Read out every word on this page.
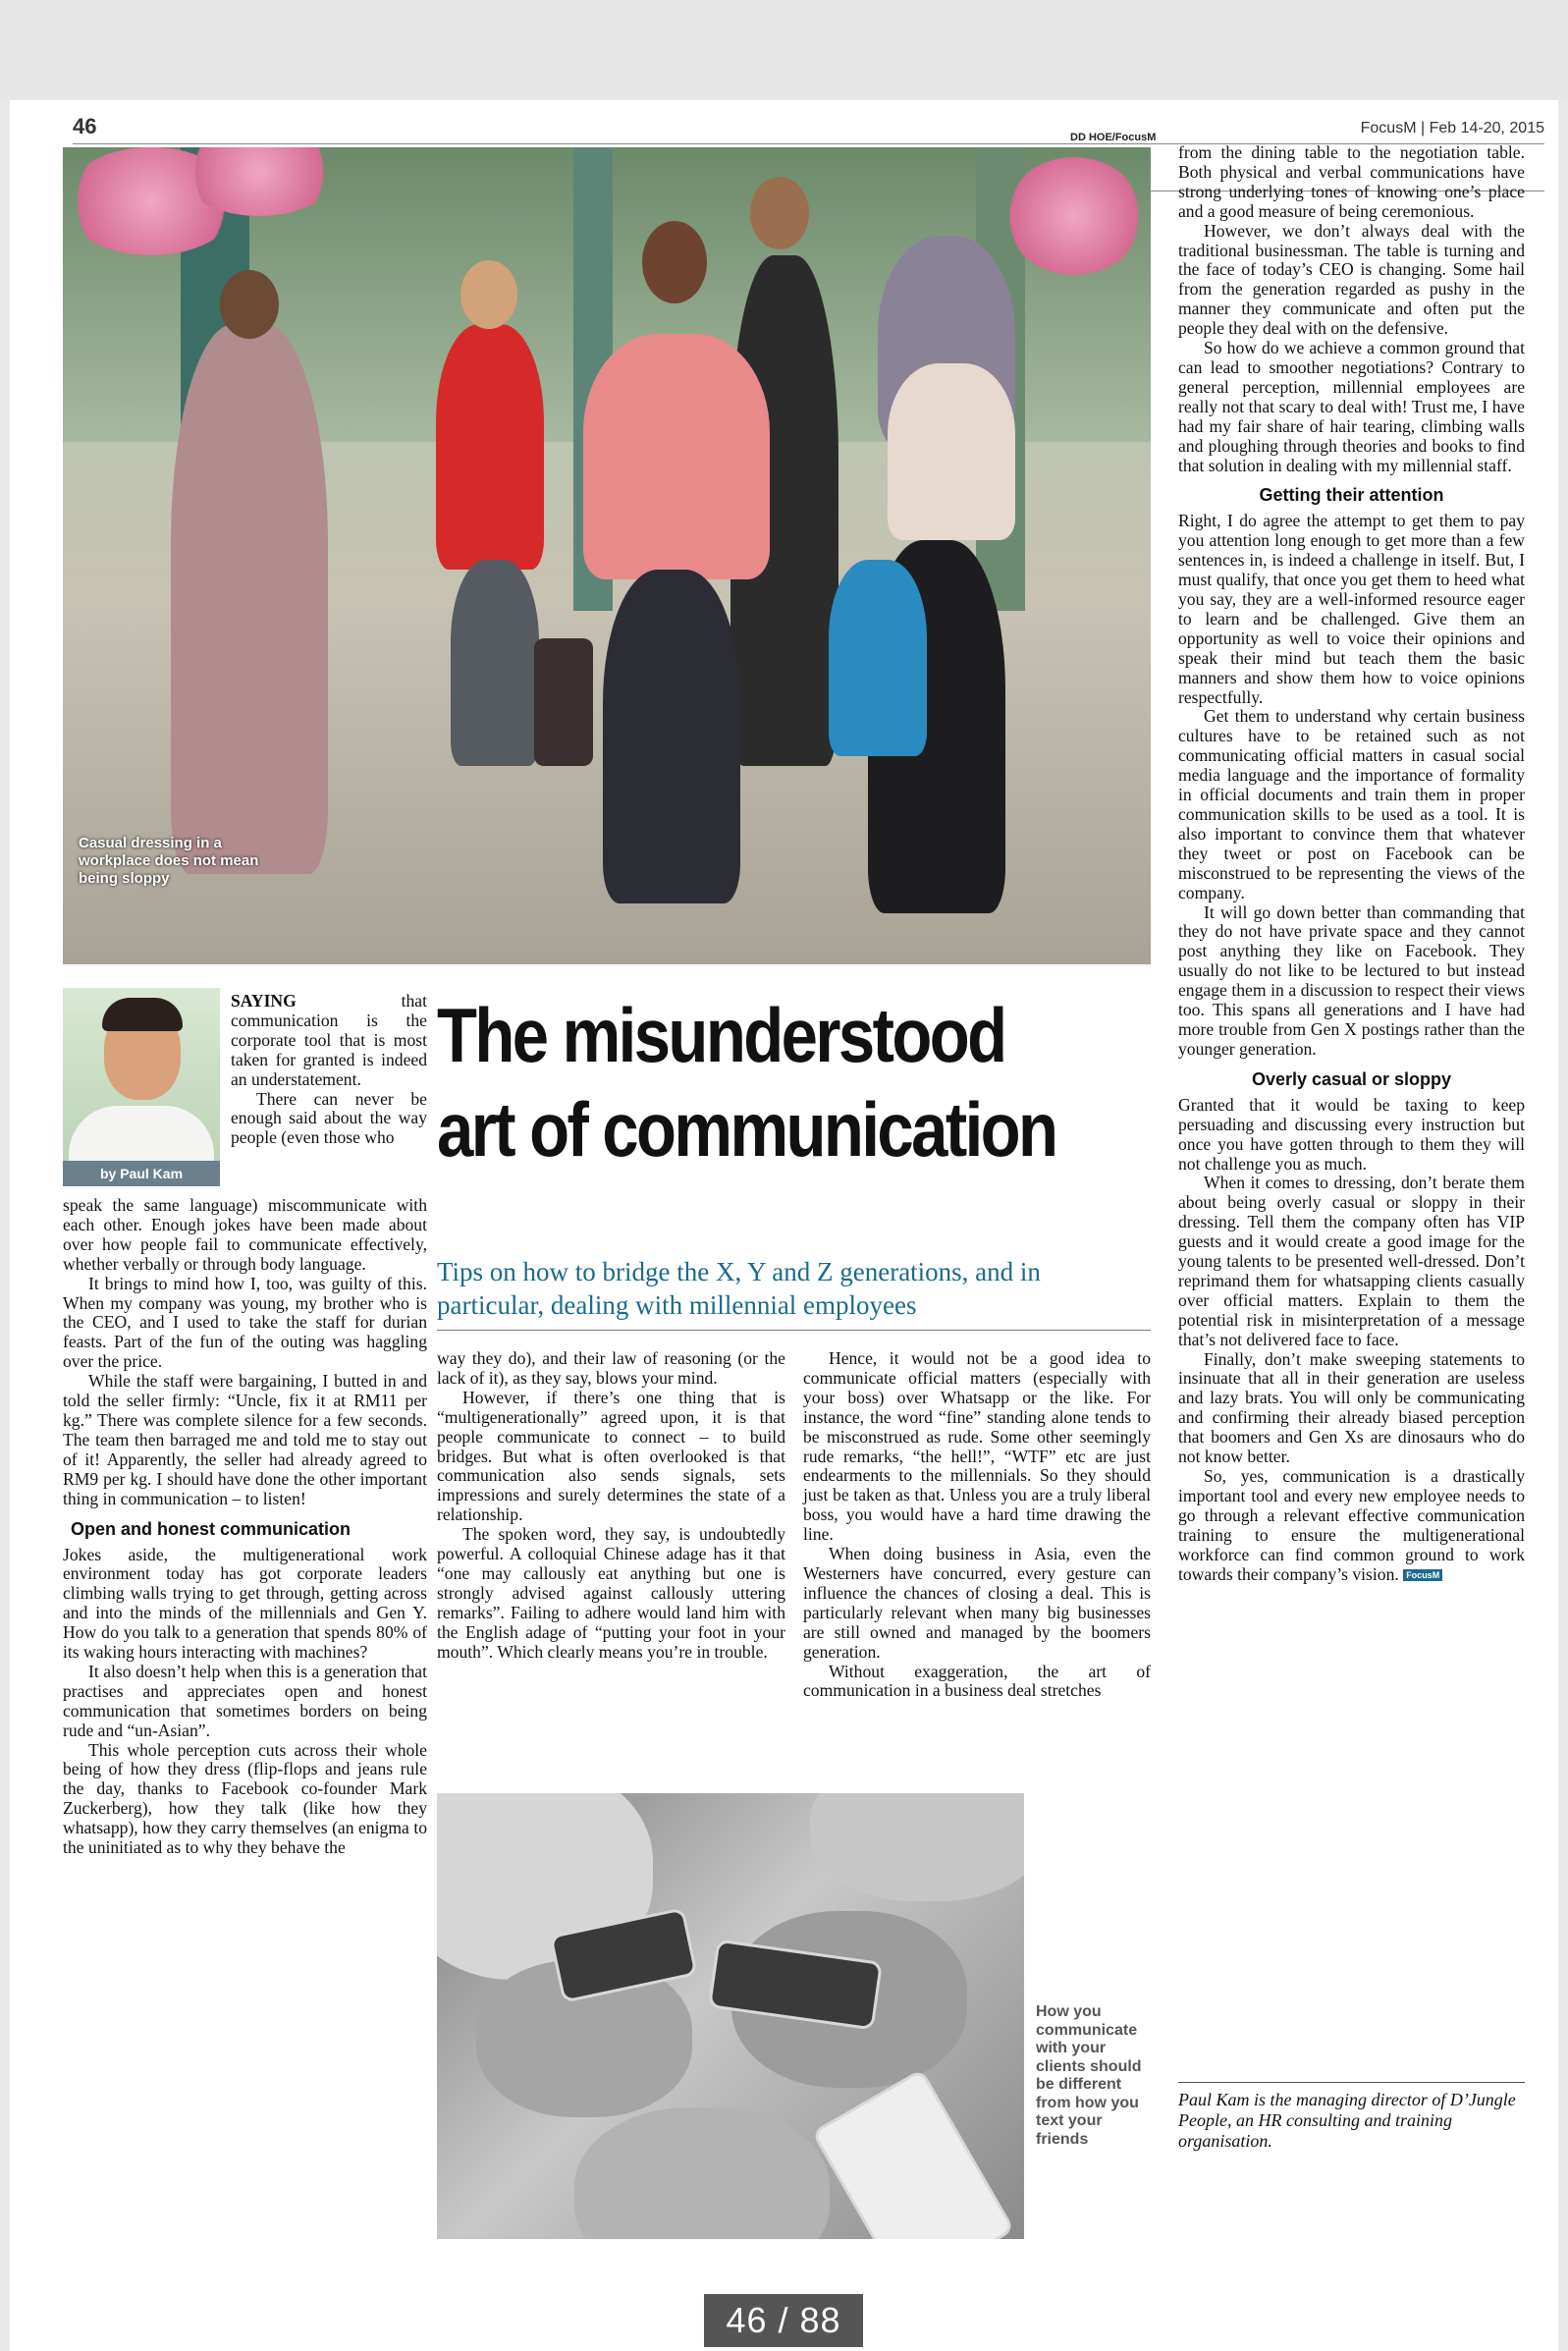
46	FocusM | Feb 14-20, 2015
DD HOE/FocusM
Casual dressing in a workplace does not mean being sloppy
by Paul Kam
The misunderstood
art of communication
Tips on how to bridge the X, Y and Z generations, and in particular, dealing with millennial employees

SAYING	that communication is the corporate tool that is most taken for granted is indeed an understatement.

There can never be enough said about the way people (even those who

speak the same language) miscommunicate with each other. Enough jokes have been made about over how people fail to communicate effectively, whether verbally or through body language.

It brings to mind how I, too, was guilty of this. When my company was young, my brother who is the CEO, and I used to take the staff for durian feasts. Part of the fun of the outing was haggling over the price.

While the staff were bargaining, I butted in and told the seller firmly: “Uncle, fix it at RM11 per kg.” There was complete silence for a few seconds. The team then barraged me and told me to stay out of it! Apparently, the seller had already agreed to RM9 per kg. I should have done the other important thing in communication – to listen!

Open and honest communication

Jokes aside, the multigenerational work environment today has got corporate leaders climbing walls trying to get through, getting across and into the minds of the millennials and Gen Y. How do you talk to a generation that spends 80% of its waking hours interacting with machines?

It also doesn’t help when this is a generation that practises and appreciates open and honest communication that sometimes borders on being rude and “un-Asian”.

This whole perception cuts across their whole being of how they dress (flip-flops and jeans rule the day, thanks to Facebook co-founder Mark Zuckerberg), how they talk (like how they whatsapp), how they carry themselves (an enigma to the uninitiated as to why they behave the

way they do), and their law of reasoning (or the lack of it), as they say, blows your mind.

However, if there’s one thing that is “multigenerationally” agreed upon, it is that people communicate to connect – to build bridges. But what is often overlooked is that communication also sends signals, sets impressions and surely determines the state of a relationship.

The spoken word, they say, is undoubtedly powerful. A colloquial Chinese adage has it that “one may callously eat anything but one is strongly advised against callously uttering remarks”. Failing to adhere would land him with the English adage of “putting your foot in your mouth”. Which clearly means you’re in trouble.

Hence, it would not be a good idea to communicate official matters (especially with your boss) over Whatsapp or the like. For instance, the word “fine” standing alone tends to be misconstrued as rude. Some other seemingly rude remarks, “the hell!”, “WTF” etc are just endearments to the millennials. So they should just be taken as that. Unless you are a truly liberal boss, you would have a hard time drawing the line.

When doing business in Asia, even the Westerners have concurred, every gesture can influence the chances of closing a deal. This is particularly relevant when many big businesses are still owned and managed by the boomers generation.

Without exaggeration, the art of communication in a business deal stretches

from the dining table to the negotiation table. Both physical and verbal communications have strong underlying tones of knowing one’s place and a good measure of being ceremonious.

However, we don’t always deal with the traditional businessman. The table is turning and the face of today’s CEO is changing. Some hail from the generation regarded as pushy in the manner they communicate and often put the people they deal with on the defensive.

So how do we achieve a common ground that can lead to smoother negotiations? Contrary to general perception, millennial employees are really not that scary to deal with! Trust me, I have had my fair share of hair tearing, climbing walls and ploughing through theories and books to find that solution in dealing with my millennial staff.

Getting their attention

Right, I do agree the attempt to get them to pay you attention long enough to get more than a few sentences in, is indeed a challenge in itself. But, I must qualify, that once you get them to heed what you say, they are a well-informed resource eager to learn and be challenged. Give them an opportunity as well to voice their opinions and speak their mind but teach them the basic manners and show them how to voice opinions respectfully.

Get them to understand why certain business cultures have to be retained such as not communicating official matters in casual social media language and the importance of formality in official documents and train them in proper communication skills to be used as a tool. It is also important to convince them that whatever they tweet or post on Facebook can be misconstrued to be representing the views of the company.

It will go down better than commanding that they do not have private space and they cannot post anything they like on Facebook. They usually do not like to be lectured to but instead engage them in a discussion to respect their views too. This spans all generations and I have had more trouble from Gen X postings rather than the younger generation.

Overly casual or sloppy

Granted that it would be taxing to keep persuading and discussing every instruction but once you have gotten through to them they will not challenge you as much.

When it comes to dressing, don’t berate them about being overly casual or sloppy in their dressing. Tell them the company often has VIP guests and it would create a good image for the young talents to be presented well-dressed. Don’t reprimand them for whatsapping clients casually over official matters. Explain to them the potential risk in misinterpretation of a message that’s not delivered face to face.

Finally, don’t make sweeping statements to insinuate that all in their generation are useless and lazy brats. You will only be communicating and confirming their already biased perception that boomers and Gen Xs are dinosaurs who do not know better.

So, yes, communication is a drastically important tool and every new employee needs to go through a relevant effective communication training to ensure the multigenerational workforce can find common ground to work towards their company’s vision. FocusM

How you communicate with your clients should be different from how you text your friends
Paul Kam is the managing director of D’Jungle People, an HR consulting and training organisation.
46 / 88
